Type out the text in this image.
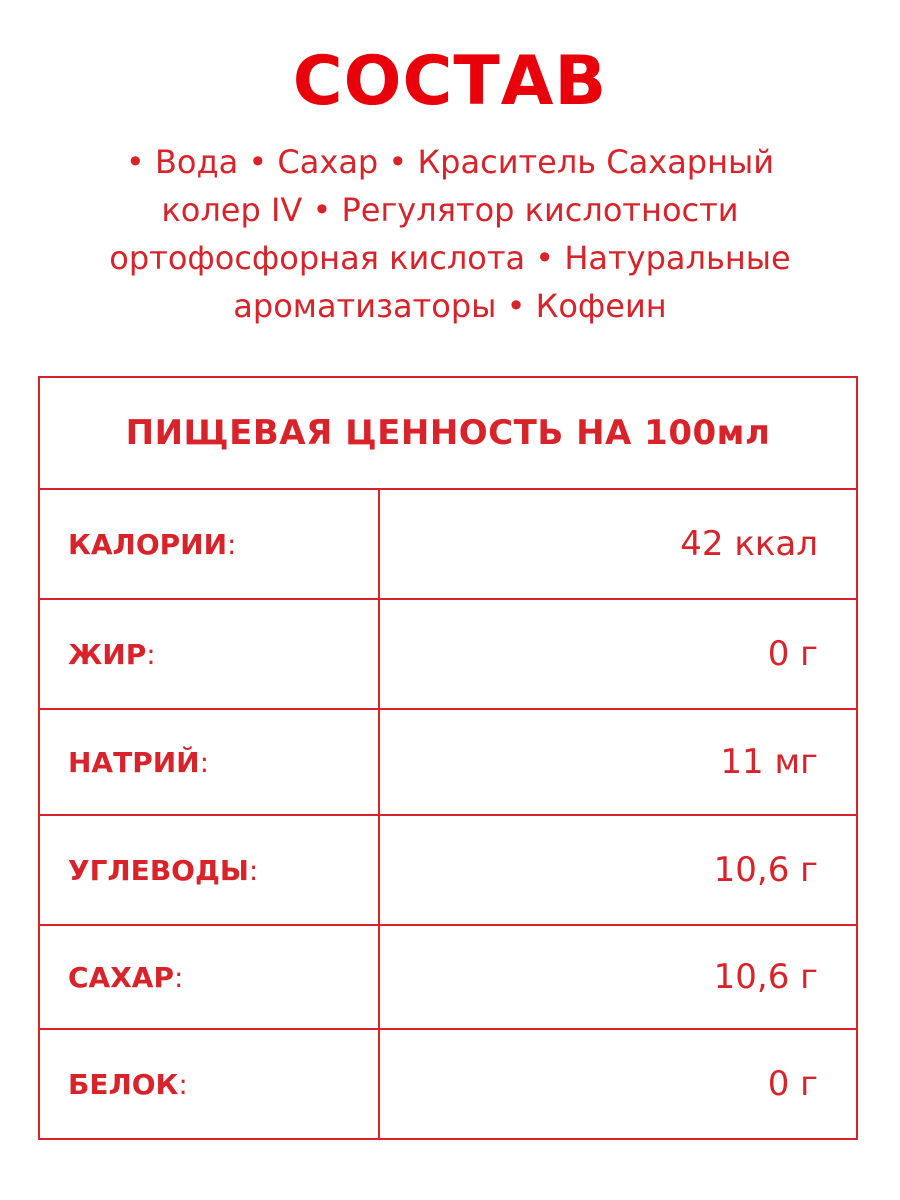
СОСТАВ
• Вода • Сахар • Краситель Сахарный
колер IV • Регулятор кислотности
ортофосфорная кислота • Натуральные
ароматизаторы • Кофеин
ПИЩЕВАЯ ЦЕННОСТЬ НА 100мл
КАЛОРИИ :	42 ккал
ЖИР :	0 г
НАТРИЙ :	11 мг
УГЛЕВОДЫ :	10,6 г
САХАР :	10,6 г
БЕЛОК :	0 г
